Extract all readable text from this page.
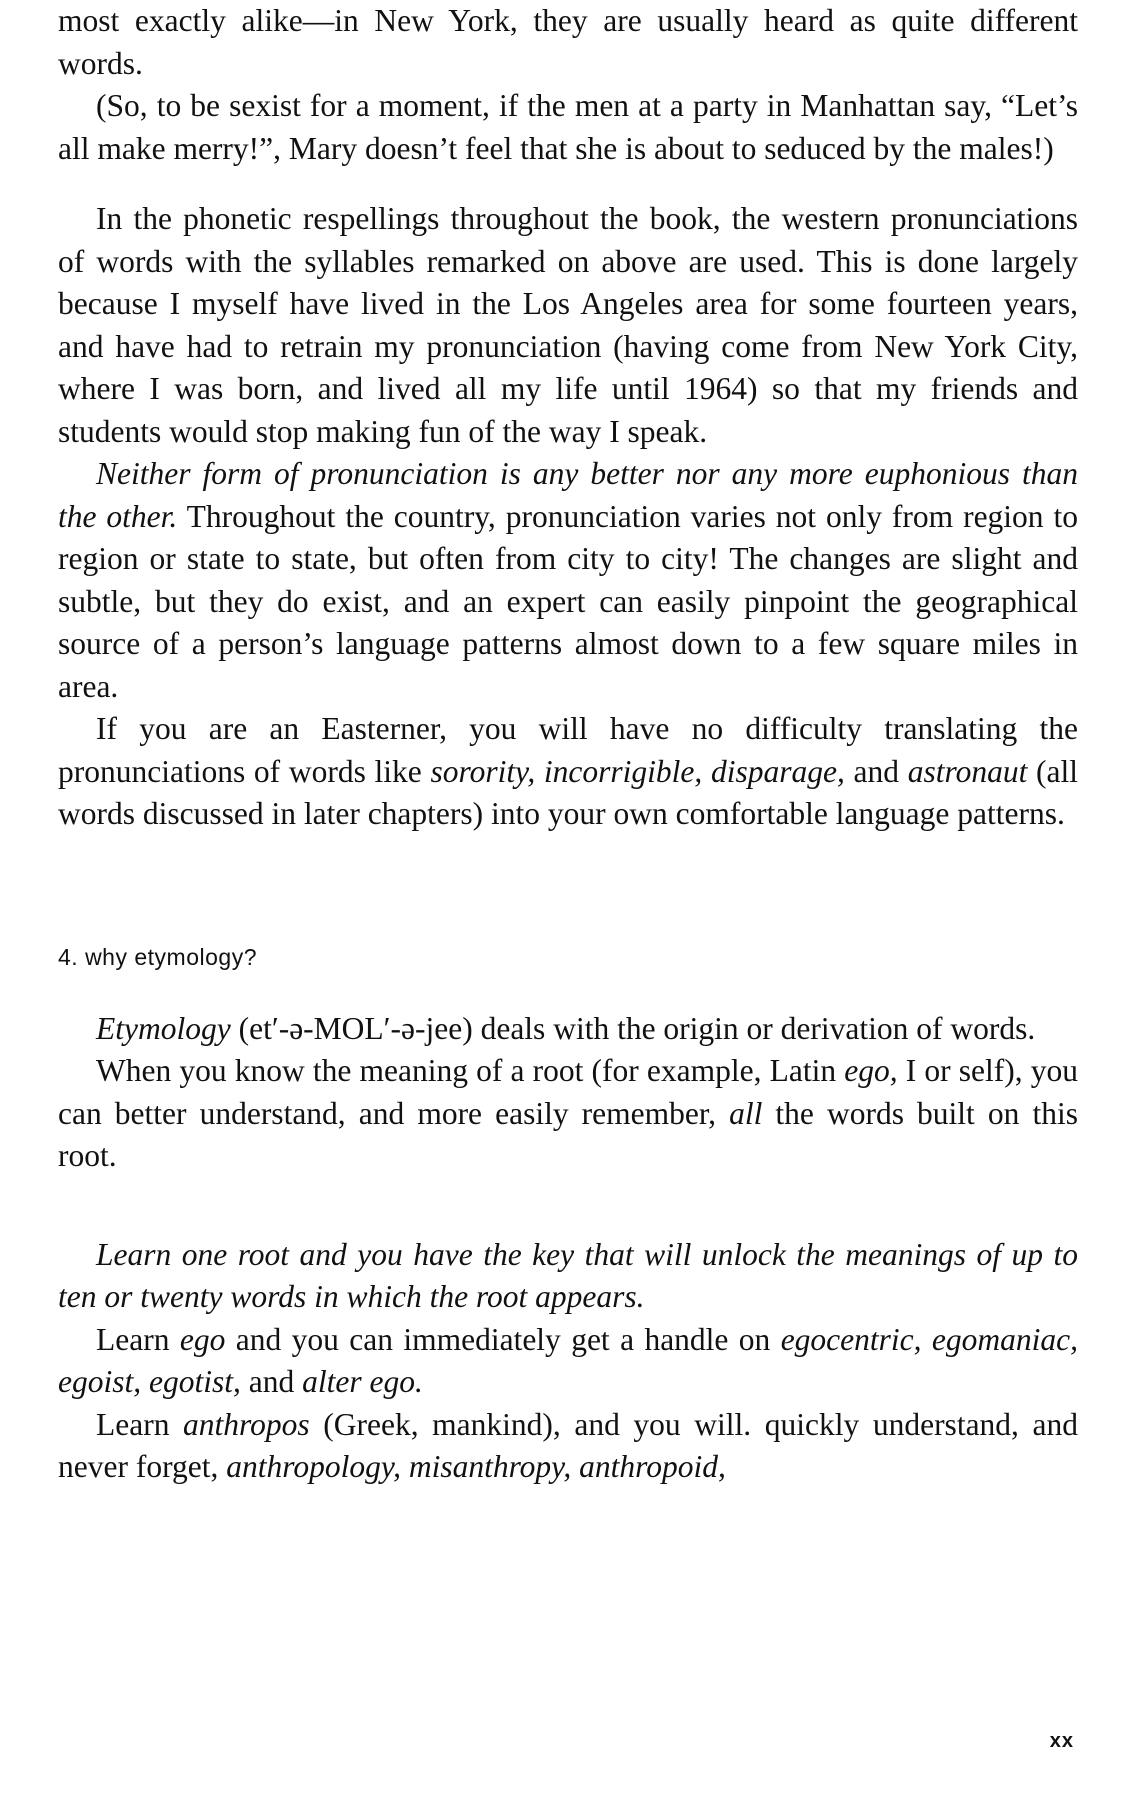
most exactly alike—in New York, they are usually heard as quite different words.

(So, to be sexist for a moment, if the men at a party in Manhattan say, “Let’s all make merry!”, Mary doesn’t feel that she is about to seduced by the males!)

In the phonetic respellings throughout the book, the western pronunciations of words with the syllables remarked on above are used. This is done largely because I myself have lived in the Los Angeles area for some fourteen years, and have had to retrain my pronunciation (having come from New York City, where I was born, and lived all my life until 1964) so that my friends and students would stop making fun of the way I speak.

Neither form of pronunciation is any better nor any more euphonious than the other. Throughout the country, pronunciation varies not only from region to region or state to state, but often from city to city! The changes are slight and subtle, but they do exist, and an expert can easily pinpoint the geographical source of a person’s language patterns almost down to a few square miles in area.

If you are an Easterner, you will have no difficulty translating the pronunciations of words like sorority, incorrigible, disparage, and astronaut (all words discussed in later chapters) into your own comfortable language patterns.

4. why etymology?

Etymology (et′-ə-MOL′-ə-jee) deals with the origin or derivation of words.

When you know the meaning of a root (for example, Latin ego, I or self), you can better understand, and more easily remember, all the words built on this root.

Learn one root and you have the key that will unlock the meanings of up to ten or twenty words in which the root appears.

Learn ego and you can immediately get a handle on egocentric, egomaniac, egoist, egotist, and alter ego.

Learn anthropos (Greek, mankind), and you will. quickly understand, and never forget, anthropology, misanthropy, anthropoid,

xx
